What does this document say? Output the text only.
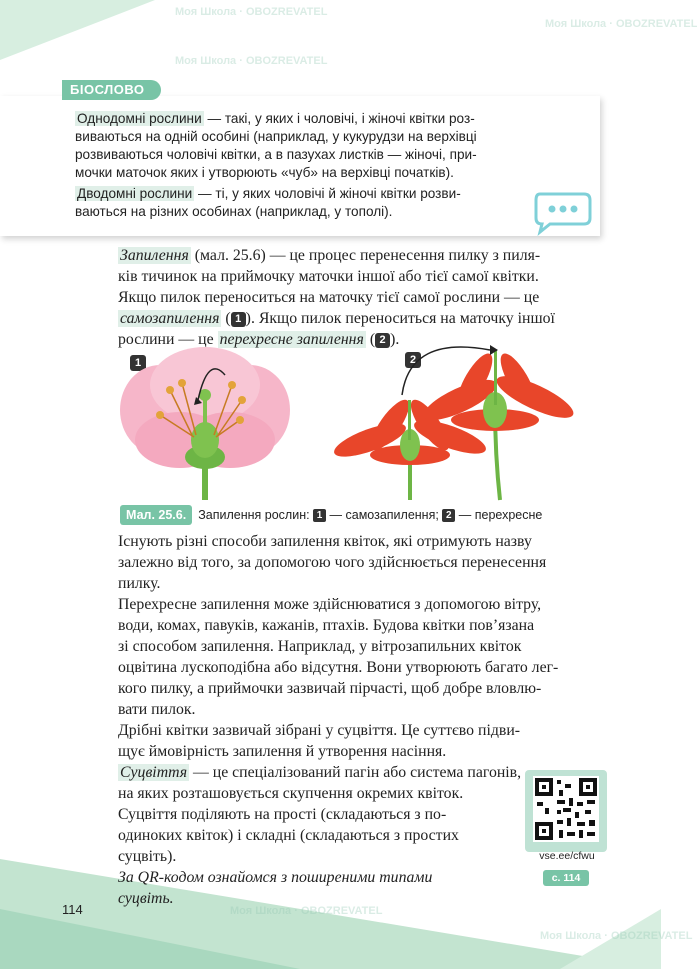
Моя Школа · OBOZREVATEL
Моя Школа · OBOZREVATEL
Моя Школа · OBOZREVATEL
Моя Школа · OBOZREVATEL
Моя Школа · OBOZREVATEL
БІОСЛОВО

Однодомні рослини — такі, у яких і чоловічі, і жіночі квітки роз-
виваються на одній особині (наприклад, у кукурудзи на верхівці
розвиваються чоловічі квітки, а в пазухах листків — жіночі, при-
мочки маточок яких і утворюють «чуб» на верхівці початків).

Дводомні рослини — ті, у яких чоловічі й жіночі квітки розви-
ваються на різних особинах (наприклад, у тополі).

Запилення (мал. 25.6) — це процес перенесення пилку з пиля-

ків тичинок на приймочку маточки іншої або тієї самої квітки.

Якщо пилок переноситься на маточку тієї самої рослини — це

самозапилення ( 1 ). Якщо пилок переноситься на маточку іншої

рослини — це перехресне запилення ( 2 ).

1	2
Мал. 25.6. Запилення рослин: 1 — самозапилення; 2 — перехресне

Існують різні способи запилення квіток, які отримують назву

залежно від того, за допомогою чого здійснюється перенесення

пилку.

Перехресне запилення може здійснюватися з допомогою вітру,

води, комах, павуків, кажанів, птахів. Будова квітки пов’язана

зі способом запилення. Наприклад, у вітрозапильних квіток

оцвітина лускоподібна або відсутня. Вони утворюють багато лег-

кого пилку, а приймочки зазвичай пірчасті, щоб добре вловлю-

вати пилок.

Дрібні квітки зазвичай зібрані у суцвіття. Це суттєво підви-

щує ймовірність запилення й утворення насіння.

Суцвіття — це спеціалізований пагін або система пагонів,

на яких розташовується скупчення окремих квіток.

Суцвіття поділяють на прості (складаються з по-

одиноких квіток) і складні (складаються з простих

суцвіть).

За QR-кодом ознайомся з поширеними типами

суцвіть.

vse.ee/cfwu
с. 114
114
